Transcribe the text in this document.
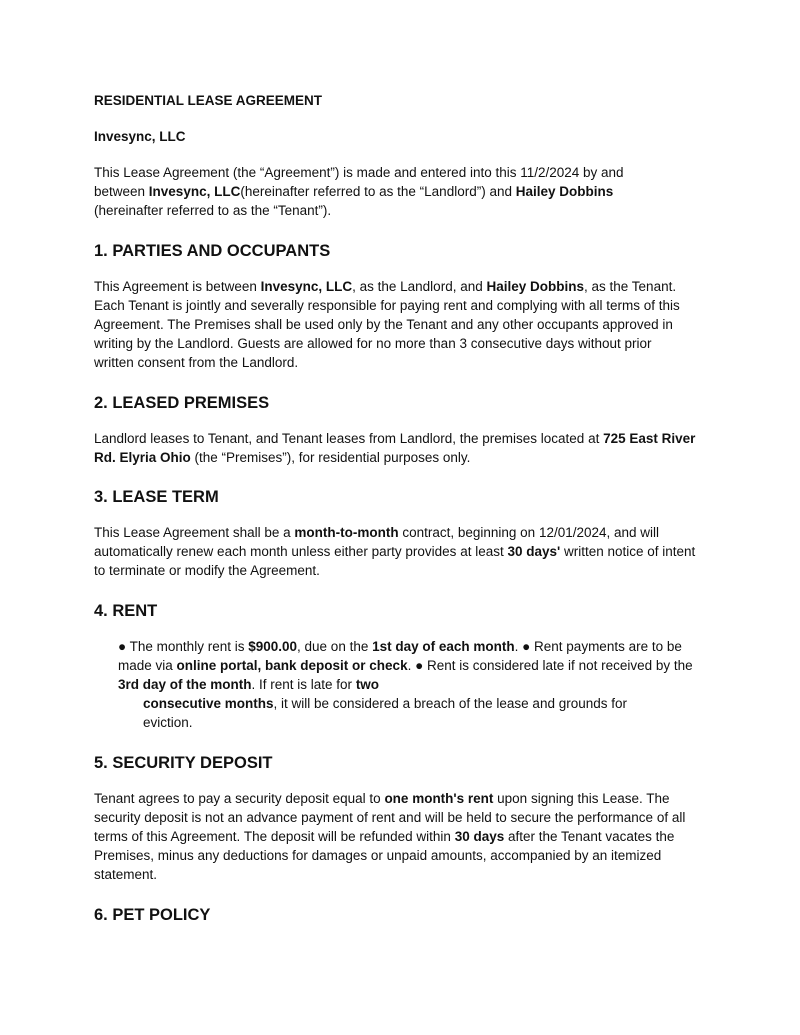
RESIDENTIAL LEASE AGREEMENT
Invesync, LLC

This Lease Agreement (the “Agreement”) is made and entered into this 11/2/2024 by and between Invesync, LLC(hereinafter referred to as the “Landlord”) and Hailey Dobbins (hereinafter referred to as the “Tenant”).

1. PARTIES AND OCCUPANTS

This Agreement is between Invesync, LLC, as the Landlord, and Hailey Dobbins, as the Tenant. Each Tenant is jointly and severally responsible for paying rent and complying with all terms of this Agreement. The Premises shall be used only by the Tenant and any other occupants approved in writing by the Landlord. Guests are allowed for no more than 3 consecutive days without prior written consent from the Landlord.

2. LEASED PREMISES

Landlord leases to Tenant, and Tenant leases from Landlord, the premises located at 725 East River Rd. Elyria Ohio (the “Premises”), for residential purposes only.

3. LEASE TERM

This Lease Agreement shall be a month-to-month contract, beginning on 12/01/2024, and will automatically renew each month unless either party provides at least 30 days' written notice of intent to terminate or modify the Agreement.

4. RENT
● The monthly rent is $900.00, due on the 1st day of each month. ● Rent payments are to be made via online portal, bank deposit or check. ● Rent is considered late if not received by the 3rd day of the month. If rent is late for two
consecutive months, it will be considered a breach of the lease and grounds for eviction.
5. SECURITY DEPOSIT

Tenant agrees to pay a security deposit equal to one month's rent upon signing this Lease. The security deposit is not an advance payment of rent and will be held to secure the performance of all terms of this Agreement. The deposit will be refunded within 30 days after the Tenant vacates the Premises, minus any deductions for damages or unpaid amounts, accompanied by an itemized statement.

6. PET POLICY
